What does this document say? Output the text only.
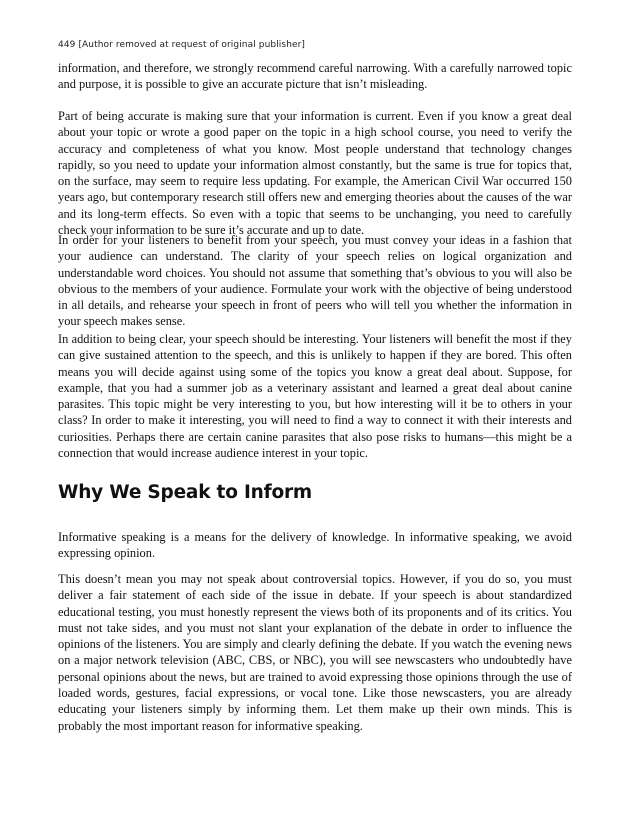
449 [Author removed at request of original publisher]

information, and therefore, we strongly recommend careful narrowing. With a carefully narrowed topic and purpose, it is possible to give an accurate picture that isn’t misleading.

Part of being accurate is making sure that your information is current. Even if you know a great deal about your topic or wrote a good paper on the topic in a high school course, you need to verify the accuracy and completeness of what you know. Most people understand that technology changes rapidly, so you need to update your information almost constantly, but the same is true for topics that, on the surface, may seem to require less updating. For example, the American Civil War occurred 150 years ago, but contemporary research still offers new and emerging theories about the causes of the war and its long-term effects. So even with a topic that seems to be unchanging, you need to carefully check your information to be sure it’s accurate and up to date.

In order for your listeners to benefit from your speech, you must convey your ideas in a fashion that your audience can understand. The clarity of your speech relies on logical organization and understandable word choices. You should not assume that something that’s obvious to you will also be obvious to the members of your audience. Formulate your work with the objective of being understood in all details, and rehearse your speech in front of peers who will tell you whether the information in your speech makes sense.

In addition to being clear, your speech should be interesting. Your listeners will benefit the most if they can give sustained attention to the speech, and this is unlikely to happen if they are bored. This often means you will decide against using some of the topics you know a great deal about. Suppose, for example, that you had a summer job as a veterinary assistant and learned a great deal about canine parasites. This topic might be very interesting to you, but how interesting will it be to others in your class? In order to make it interesting, you will need to find a way to connect it with their interests and curiosities. Perhaps there are certain canine parasites that also pose risks to humans—this might be a connection that would increase audience interest in your topic.

Why We Speak to Inform

Informative speaking is a means for the delivery of knowledge. In informative speaking, we avoid expressing opinion.

This doesn’t mean you may not speak about controversial topics. However, if you do so, you must deliver a fair statement of each side of the issue in debate. If your speech is about standardized educational testing, you must honestly represent the views both of its proponents and of its critics. You must not take sides, and you must not slant your explanation of the debate in order to influence the opinions of the listeners. You are simply and clearly defining the debate. If you watch the evening news on a major network television (ABC, CBS, or NBC), you will see newscasters who undoubtedly have personal opinions about the news, but are trained to avoid expressing those opinions through the use of loaded words, gestures, facial expressions, or vocal tone. Like those newscasters, you are already educating your listeners simply by informing them. Let them make up their own minds. This is probably the most important reason for informative speaking.
